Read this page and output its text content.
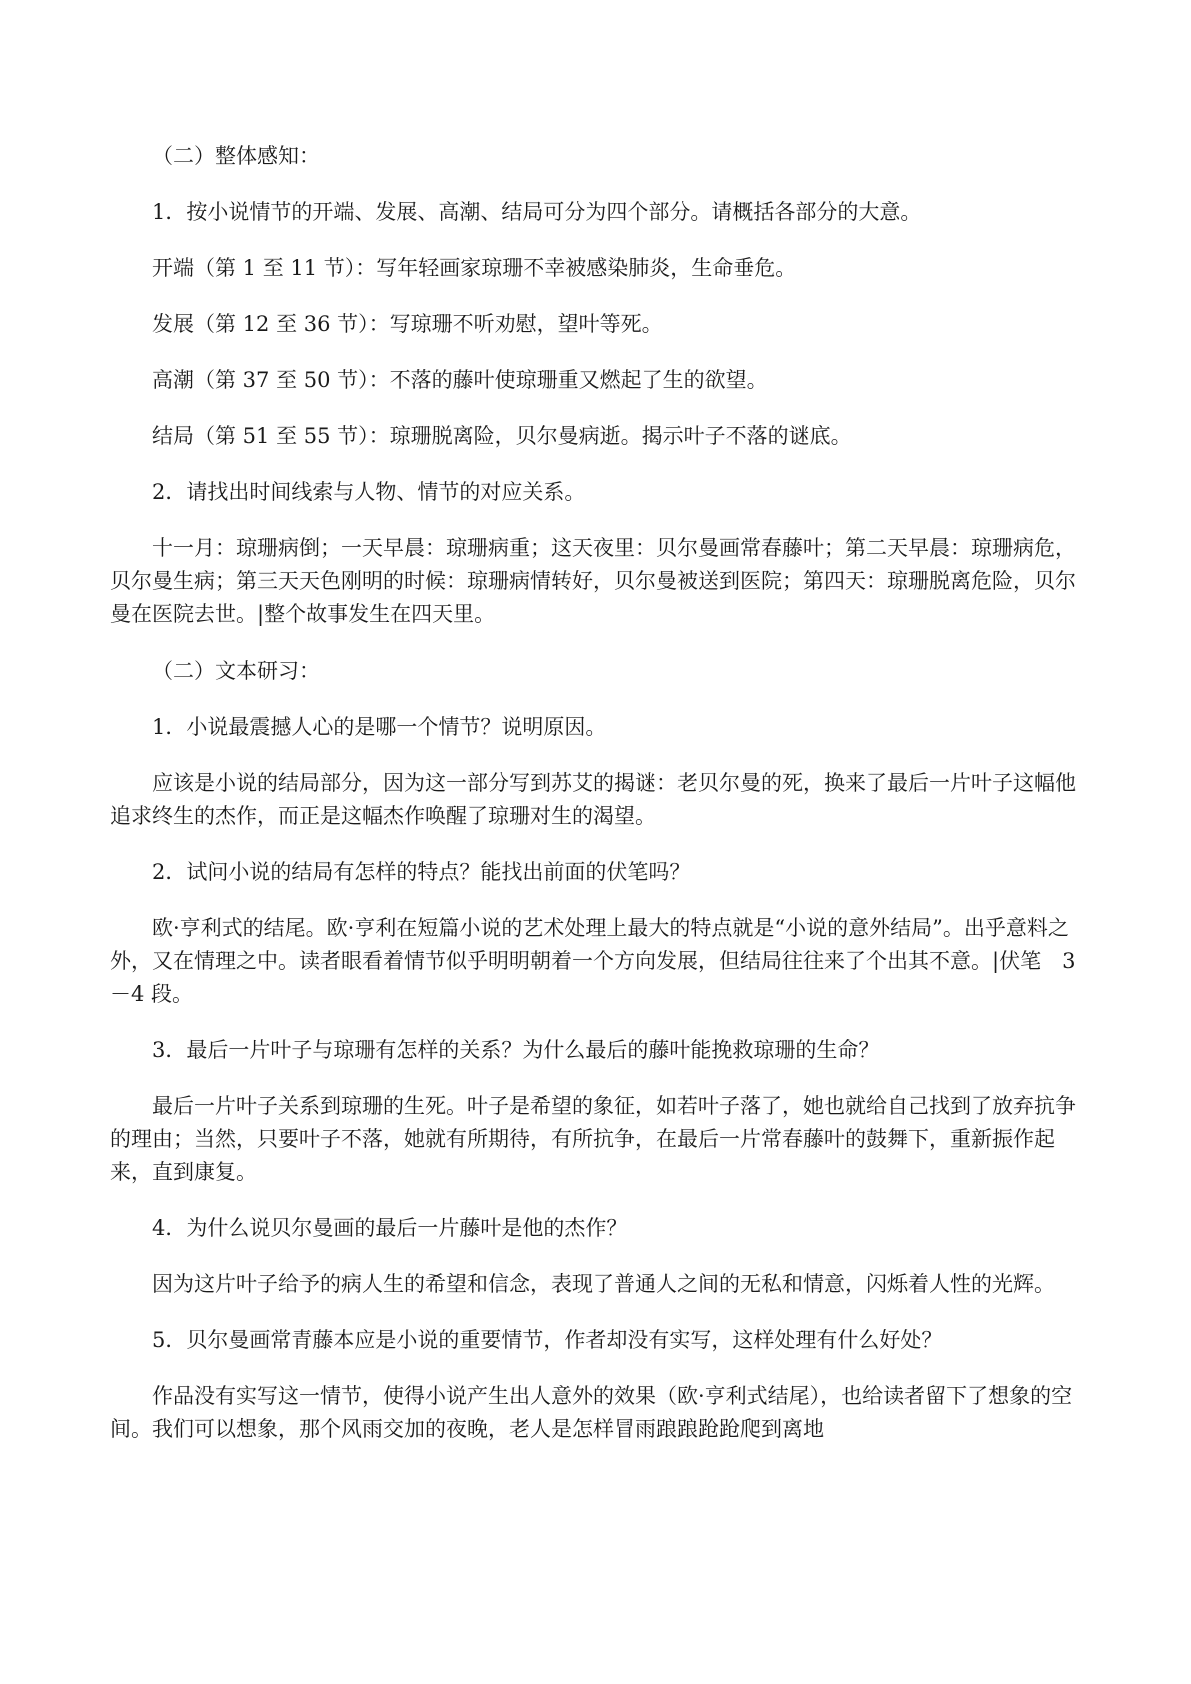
（二）整体感知：

1．按小说情节的开端、发展、高潮、结局可分为四个部分。请概括各部分的大意。

开端（第 1 至 11 节）：写年轻画家琼珊不幸被感染肺炎，生命垂危。

发展（第 12 至 36 节）：写琼珊不听劝慰，望叶等死。

高潮（第 37 至 50 节）：不落的藤叶使琼珊重又燃起了生的欲望。

结局（第 51 至 55 节）：琼珊脱离险，贝尔曼病逝。揭示叶子不落的谜底。

2．请找出时间线索与人物、情节的对应关系。

十一月：琼珊病倒；一天早晨：琼珊病重；这天夜里：贝尔曼画常春藤叶；第二天早晨：琼珊病危，贝尔曼生病；第三天天色刚明的时候：琼珊病情转好，贝尔曼被送到医院；第四天：琼珊脱离危险，贝尔曼在医院去世。|整个故事发生在四天里。

（二）文本研习：

1．小说最震撼人心的是哪一个情节？说明原因。

应该是小说的结局部分，因为这一部分写到苏艾的揭谜：老贝尔曼的死，换来了最后一片叶子这幅他追求终生的杰作，而正是这幅杰作唤醒了琼珊对生的渴望。

2．试问小说的结局有怎样的特点？能找出前面的伏笔吗？

欧·亨利式的结尾。欧·亨利在短篇小说的艺术处理上最大的特点就是“小说的意外结局”。出乎意料之外，又在情理之中。读者眼看着情节似乎明明朝着一个方向发展，但结局往往来了个出其不意。|伏笔　3－4 段。

3．最后一片叶子与琼珊有怎样的关系？为什么最后的藤叶能挽救琼珊的生命？

最后一片叶子关系到琼珊的生死。叶子是希望的象征，如若叶子落了，她也就给自己找到了放弃抗争的理由；当然，只要叶子不落，她就有所期待，有所抗争，在最后一片常春藤叶的鼓舞下，重新振作起来，直到康复。

4．为什么说贝尔曼画的最后一片藤叶是他的杰作？

因为这片叶子给予的病人生的希望和信念，表现了普通人之间的无私和情意，闪烁着人性的光辉。

5．贝尔曼画常青藤本应是小说的重要情节，作者却没有实写，这样处理有什么好处？

作品没有实写这一情节，使得小说产生出人意外的效果（欧·亨利式结尾），也给读者留下了想象的空间。我们可以想象，那个风雨交加的夜晚，老人是怎样冒雨踉踉跄跄爬到离地
